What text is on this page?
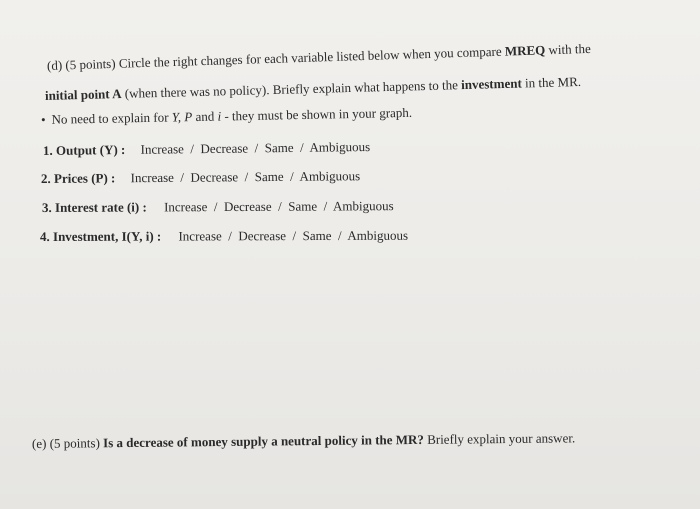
(d) (5 points) Circle the right changes for each variable listed below when you compare MREQ with the
initial point A (when there was no policy). Briefly explain what happens to the investment in the MR.
• No need to explain for Y, P and i - they must be shown in your graph.
1. Output (Y) : Increase  /  Decrease  /  Same  /  Ambiguous
2. Prices (P) : Increase  /  Decrease  /  Same  /  Ambiguous
3. Interest rate (i) : Increase  /  Decrease  /  Same  /  Ambiguous
4. Investment, I(Y, i) : Increase  /  Decrease  /  Same  /  Ambiguous
(e) (5 points) Is a decrease of money supply a neutral policy in the MR? Briefly explain your answer.
